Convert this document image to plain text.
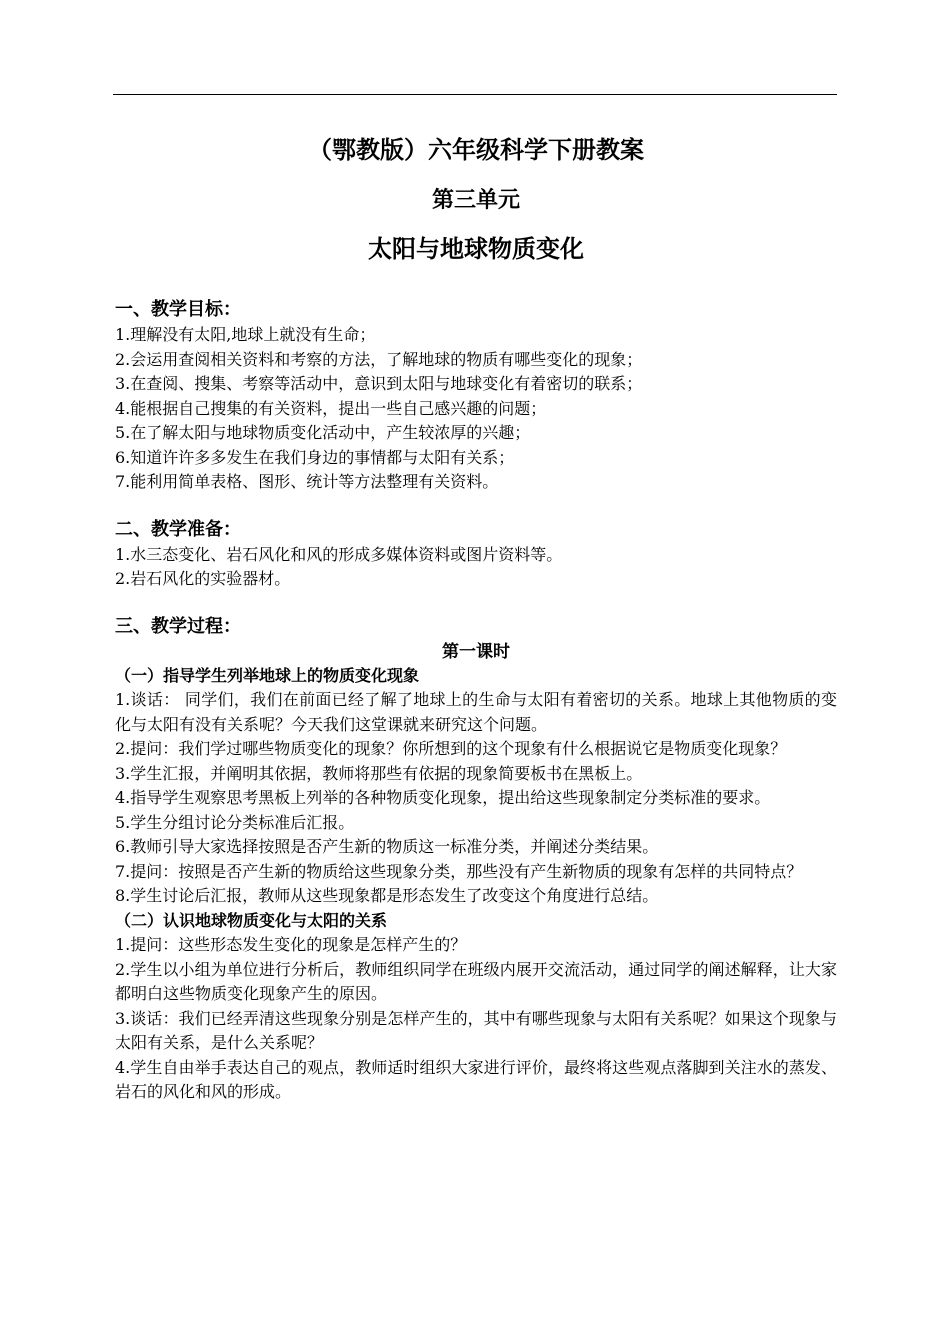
（鄂教版）六年级科学下册教案
第三单元
太阳与地球物质变化

一、教学目标：

1.理解没有太阳,地球上就没有生命；

2.会运用查阅相关资料和考察的方法，了解地球的物质有哪些变化的现象；

3.在查阅、搜集、考察等活动中，意识到太阳与地球变化有着密切的联系；

4.能根据自己搜集的有关资料，提出一些自己感兴趣的问题；

5.在了解太阳与地球物质变化活动中，产生较浓厚的兴趣；

6.知道许许多多发生在我们身边的事情都与太阳有关系；

7.能利用简单表格、图形、统计等方法整理有关资料。

二、教学准备：

1.水三态变化、岩石风化和风的形成多媒体资料或图片资料等。

2.岩石风化的实验器材。

三、教学过程：

第一课时

（一）指导学生列举地球上的物质变化现象

1.谈话： 同学们，我们在前面已经了解了地球上的生命与太阳有着密切的关系。地球上其他物质的变化与太阳有没有关系呢？今天我们这堂课就来研究这个问题。

2.提问：我们学过哪些物质变化的现象？你所想到的这个现象有什么根据说它是物质变化现象？

3.学生汇报，并阐明其依据，教师将那些有依据的现象简要板书在黑板上。

4.指导学生观察思考黑板上列举的各种物质变化现象，提出给这些现象制定分类标准的要求。

5.学生分组讨论分类标准后汇报。

6.教师引导大家选择按照是否产生新的物质这一标准分类，并阐述分类结果。

7.提问：按照是否产生新的物质给这些现象分类，那些没有产生新物质的现象有怎样的共同特点？

8.学生讨论后汇报，教师从这些现象都是形态发生了改变这个角度进行总结。

（二）认识地球物质变化与太阳的关系

1.提问：这些形态发生变化的现象是怎样产生的？

2.学生以小组为单位进行分析后，教师组织同学在班级内展开交流活动，通过同学的阐述解释，让大家都明白这些物质变化现象产生的原因。

3.谈话：我们已经弄清这些现象分别是怎样产生的，其中有哪些现象与太阳有关系呢？如果这个现象与太阳有关系，是什么关系呢？

4.学生自由举手表达自己的观点，教师适时组织大家进行评价，最终将这些观点落脚到关注水的蒸发、岩石的风化和风的形成。
